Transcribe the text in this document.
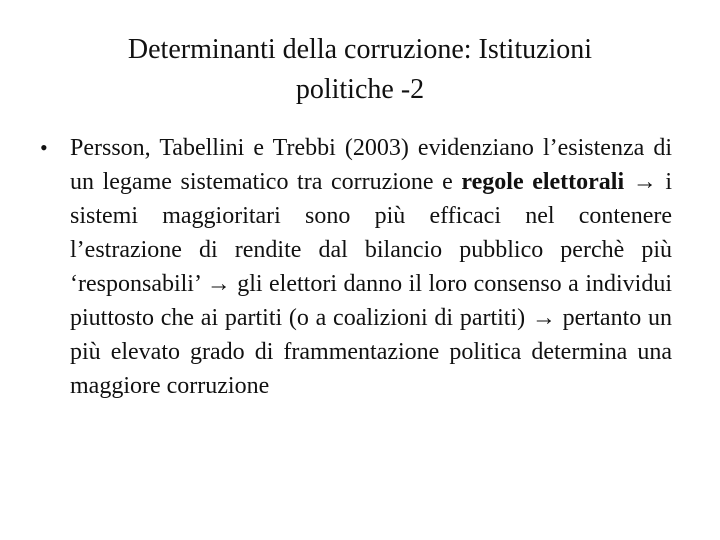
Determinanti della corruzione: Istituzioni
politiche -2
• Persson, Tabellini e Trebbi (2003) evidenziano l’esistenza di un legame sistematico tra corruzione e regole elettorali → i sistemi maggioritari sono più efficaci nel contenere l’estrazione di rendite dal bilancio pubblico perchè più ‘responsabili’ → gli elettori danno il loro consenso a individui piuttosto che ai partiti (o a coalizioni di partiti) → pertanto un più elevato grado di frammentazione politica determina una maggiore corruzione
